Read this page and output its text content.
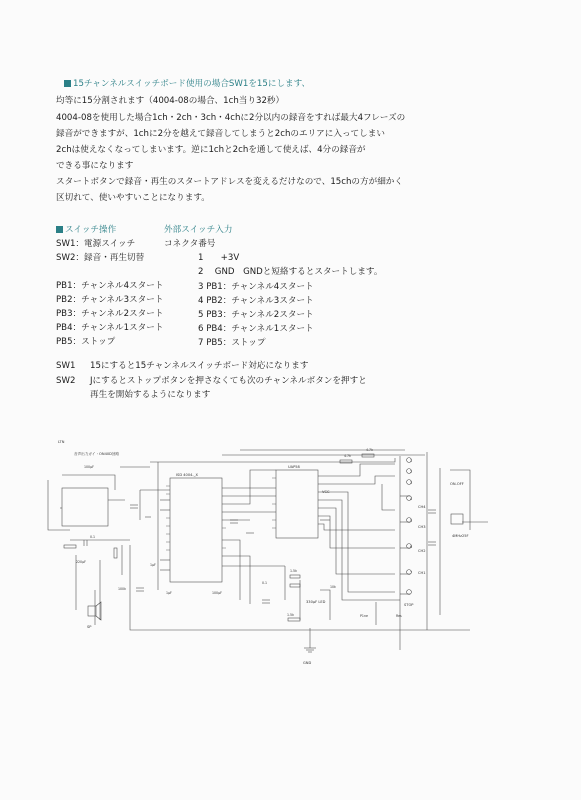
15チャンネルスイッチボード使用の場合SW1を15にします、
均等に15分割されます（4004-08の場合、1ch当り32秒）
4004-08を使用した場合1ch・2ch・3ch・4chに2分以内の録音をすれば最大4フレーズの
録音ができますが、1chに2分を越えて録音してしまうと2chのエリアに入ってしまい
2chは使えなくなってしまいます。逆に1chと2chを通して使えば、4分の録音が
できる事になります
スタートボタンで録音・再生のスタートアドレスを変えるだけなので、15chの方が細かく
区切れて、使いやすいことになります。
スイッチ操作
SW1：電源スイッチ
SW2：録音・再生切替
PB1：チャンネル4スタート
PB2：チャンネル3スタート
PB3：チャンネル2スタート
PB4：チャンネル1スタート
PB5：ストップ
外部スイッチ入力
コネクタ番号
1　　+3V
2　 GND　GNDと短絡するとスタートします。
3 PB1：チャンネル4スタート
4 PB2：チャンネル3スタート
5 PB3：チャンネル2スタート
6 PB4：チャンネル1スタート
7 PB5：ストップ
SW1 15にすると15チャンネルスイッチボード対応になります
SW2 Jにするとストップボタンを押さなくても次のチャンネルボタンを押すと
再生を開始するようになります
LTN
音声出力ガイ・ON40D回路
ISD 4004-_X
UAP58
GND
VCC
330µF LED
ON-OFF
4MHz25F
SP
STOP
CH4
CH3
CH2
CH1
4.7k
4.7k
1.5k
1.5k
10k
100k
100µF
0.1
220µF
0.1
1µF
1µF	100µF
1
2
3
4
5
6
7
P1ne	Res
